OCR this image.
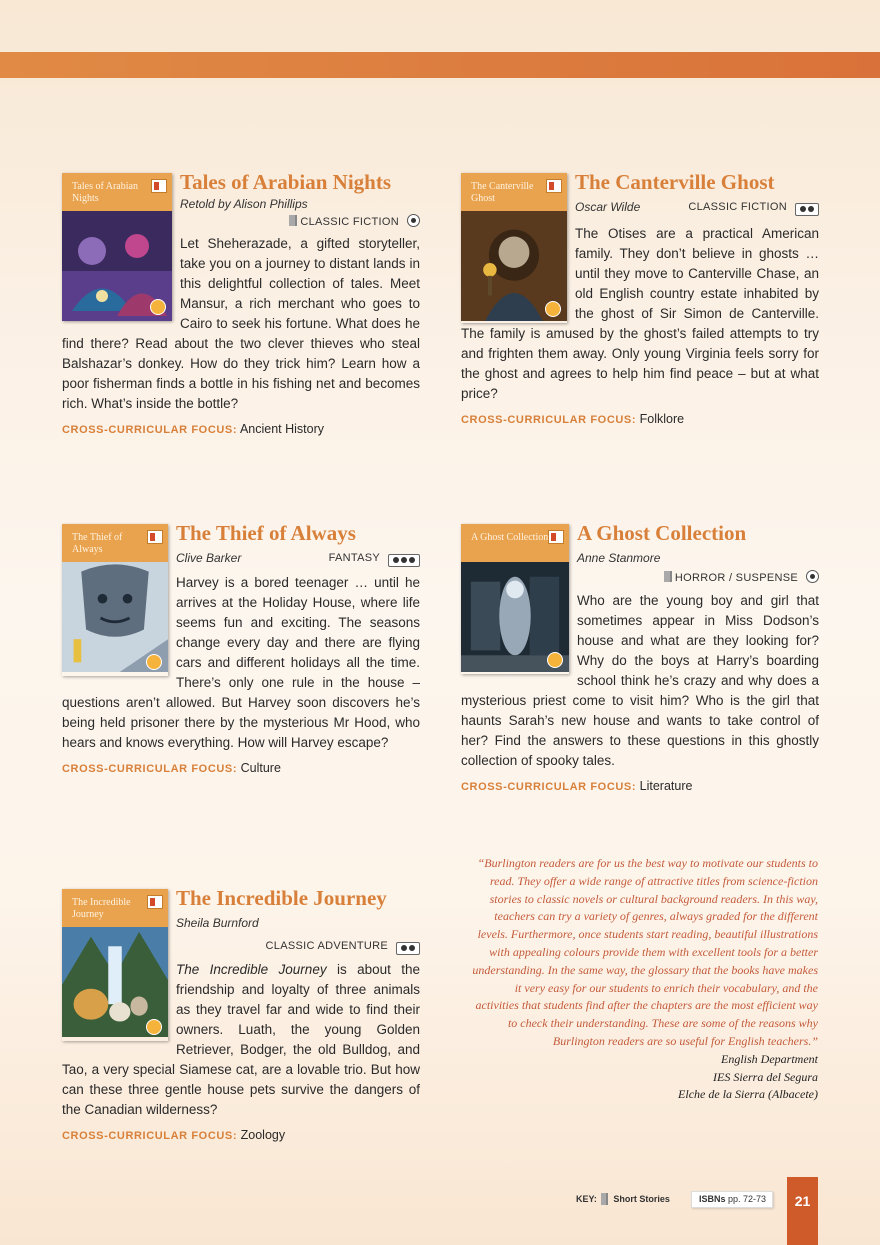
Tales of Arabian Nights
Tales of Arabian Nights
Retold by Alison Phillips
CLASSIC FICTION
Let Sheherazade, a gifted storyteller, take you on a journey to distant lands in this delightful collection of tales. Meet Mansur, a rich merchant who goes to Cairo to seek his fortune. What does he find there? Read about the two clever thieves who steal Balshazar’s donkey. How do they trick him? Learn how a poor fisherman finds a bottle in his fishing net and becomes rich. What’s inside the bottle?
CROSS-CURRICULAR FOCUS: Ancient History
The Canterville Ghost
The Canterville Ghost
Oscar Wilde	CLASSIC FICTION
The Otises are a practical American family. They don’t believe in ghosts … until they move to Canterville Chase, an old English country estate inhabited by the ghost of Sir Simon de Canterville. The family is amused by the ghost’s failed attempts to try and frighten them away. Only young Virginia feels sorry for the ghost and agrees to help him find peace – but at what price?
CROSS-CURRICULAR FOCUS: Folklore
The Thief of Always
The Thief of Always
Clive Barker	FANTASY
Harvey is a bored teenager … until he arrives at the Holiday House, where life seems fun and exciting. The seasons change every day and there are flying cars and different holidays all the time. There’s only one rule in the house – questions aren’t allowed. But Harvey soon discovers he’s being held prisoner there by the mysterious Mr Hood, who hears and knows everything. How will Harvey escape?
CROSS-CURRICULAR FOCUS: Culture
A Ghost Collection	A Ghost Collection
Anne Stanmore
HORROR / SUSPENSE
Who are the young boy and girl that sometimes appear in Miss Dodson’s house and what are they looking for? Why do the boys at Harry’s boarding school think he’s crazy and why does a mysterious priest come to visit him? Who is the girl that haunts Sarah’s new house and wants to take control of her? Find the answers to these questions in this ghostly collection of spooky tales.
CROSS-CURRICULAR FOCUS: Literature
The Incredible Journey
The Incredible Journey
Sheila Burnford
CLASSIC ADVENTURE
The Incredible Journey is about the friendship and loyalty of three animals as they travel far and wide to find their owners. Luath, the young Golden Retriever, Bodger, the old Bulldog, and Tao, a very special Siamese cat, are a lovable trio. But how can these three gentle house pets survive the dangers of the Canadian wilderness?
CROSS-CURRICULAR FOCUS: Zoology
“Burlington readers are for us the best way to motivate our students to read. They offer a wide range of attractive titles from science-fiction stories to classic novels or cultural background readers. In this way, teachers can try a variety of genres, always graded for the different levels. Furthermore, once students start reading, beautiful illustrations with appealing colours provide them with excellent tools for a better understanding. In the same way, the glossary that the books have makes it very easy for our students to enrich their vocabulary, and the activities that students find after the chapters are the most efficient way to check their understanding. These are some of the reasons why Burlington readers are so useful for English teachers.”
English Department
IES Sierra del Segura
Elche de la Sierra (Albacete)
KEY: Short Stories	ISBNs pp. 72-73	21
